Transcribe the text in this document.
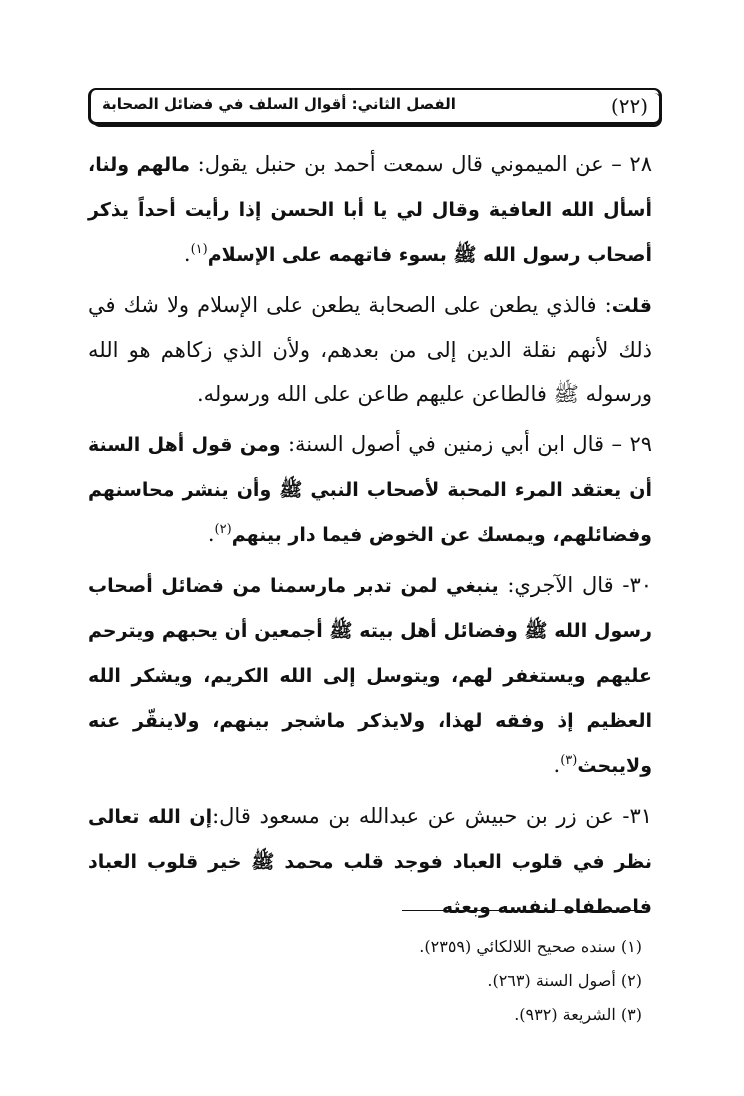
(٢٢)
الفصل الثاني: أقوال السلف في فضائل الصحابة

٢٨ – عن الميموني قال سمعت أحمد بن حنبل يقول: مالهم ولنا، أسأل الله العافية وقال لي يا أبا الحسن إذا رأيت أحداً يذكر أصحاب رسول الله ﷺ بسوء فاتهمه على الإسلام$^{(١)}$.

قلت: فالذي يطعن على الصحابة يطعن على الإسلام ولا شك في ذلك لأنهم نقلة الدين إلى من بعدهم، ولأن الذي زكاهم هو الله ورسوله ﷺ فالطاعن عليهم طاعن على الله ورسوله.

٢٩ – قال ابن أبي زمنين في أصول السنة: ومن قول أهل السنة أن يعتقد المرء المحبة لأصحاب النبي ﷺ وأن ينشر محاسنهم وفضائلهم، ويمسك عن الخوض فيما دار بينهم$^{(٢)}$.

٣٠- قال الآجري: ينبغي لمن تدبر مارسمنا من فضائل أصحاب رسول الله ﷺ وفضائل أهل بيته ﷺ أجمعين أن يحبهم ويترحم عليهم ويستغفر لهم، ويتوسل إلى الله الكريم، ويشكر الله العظيم إذ وفقه لهذا، ولايذكر ماشجر بينهم، ولاينقّر عنه ولايبحث$^{(٣)}$.

٣١- عن زر بن حبيش عن عبدالله بن مسعود قال:إن الله تعالى نظر في قلوب العباد فوجد قلب محمد ﷺ خير قلوب العباد فاصطفاه لنفسه وبعثه

(١) سنده صحيح اللالكائي (٢٣٥٩).

(٢) أصول السنة (٢٦٣).

(٣) الشريعة (٩٣٢).
